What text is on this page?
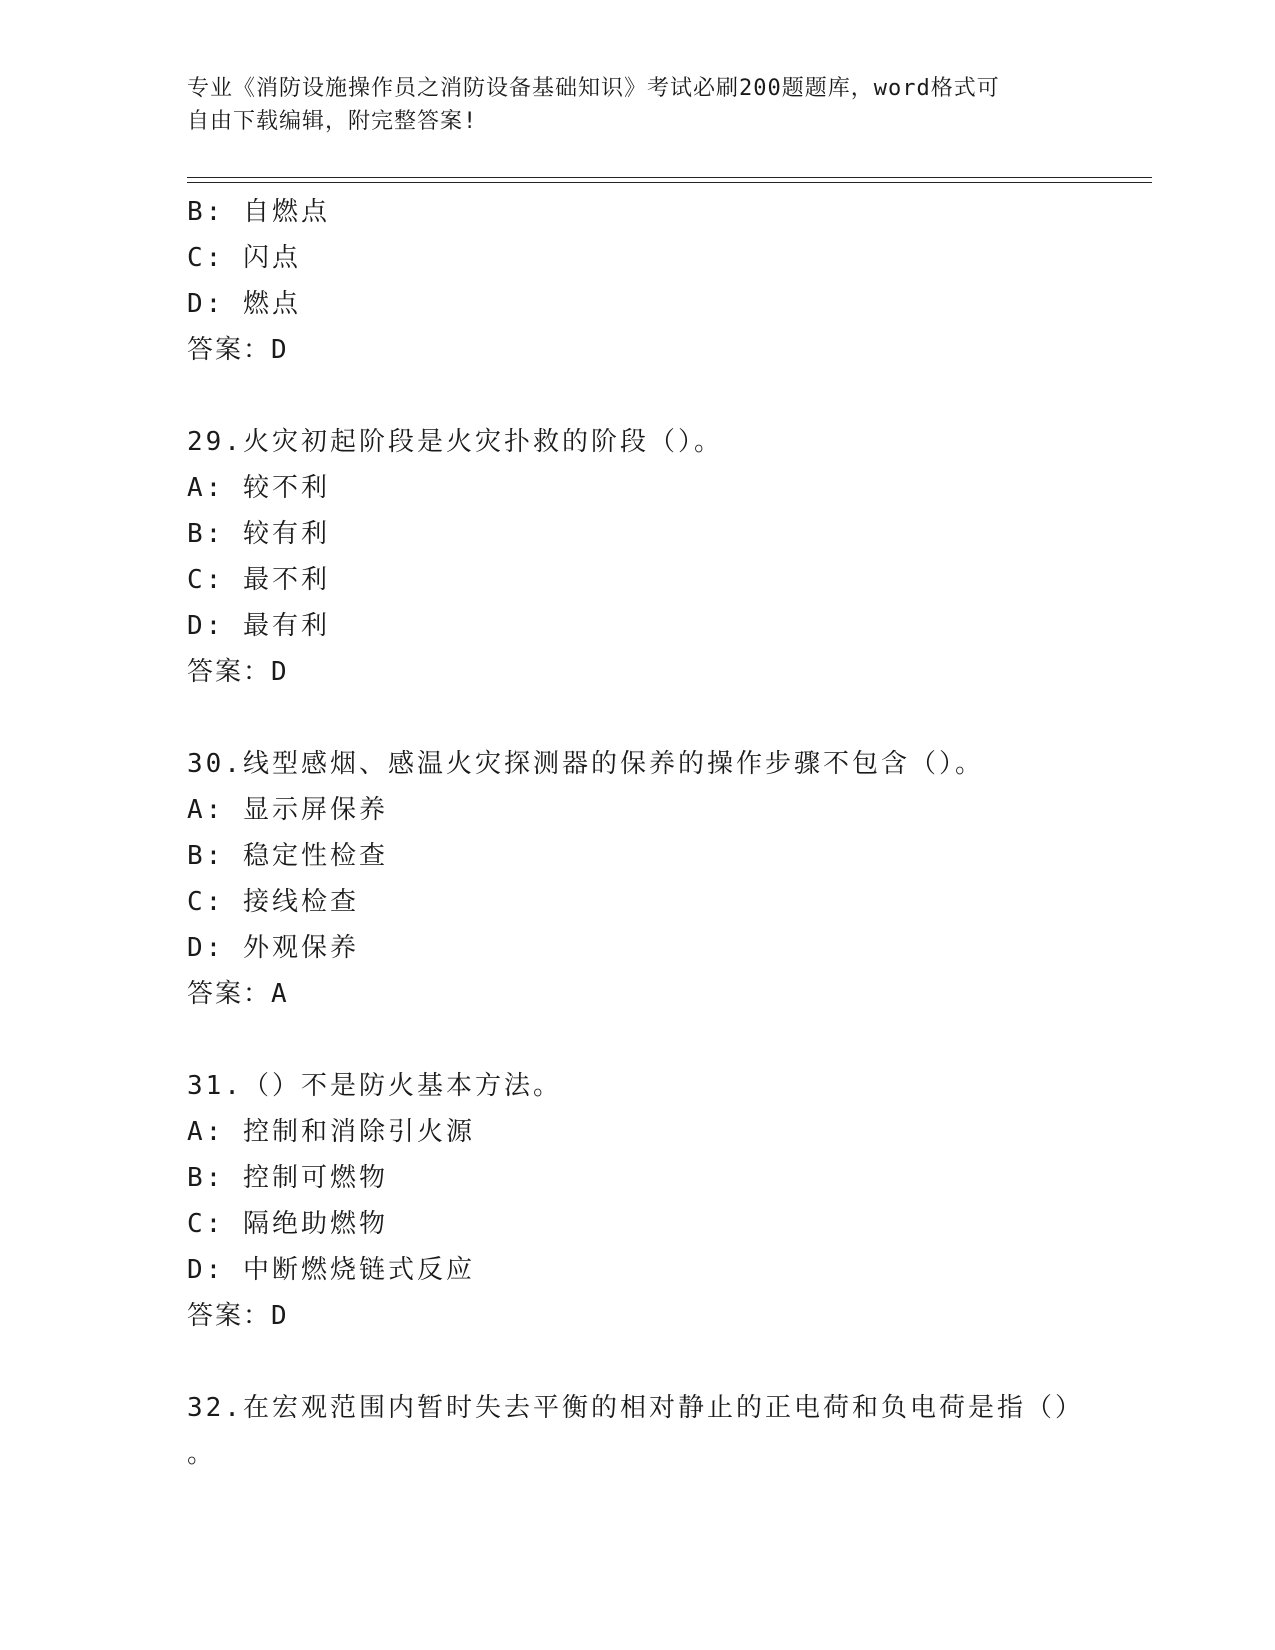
专业《消防设施操作员之消防设备基础知识》考试必刷200题题库，word格式可
自由下载编辑，附完整答案!
B: 自燃点
C: 闪点
D: 燃点
答案：D
29.火灾初起阶段是火灾扑救的阶段（）。
A: 较不利
B: 较有利
C: 最不利
D: 最有利
答案：D
30.线型感烟、感温火灾探测器的保养的操作步骤不包含（）。
A: 显示屏保养
B: 稳定性检查
C: 接线检查
D: 外观保养
答案：A
31.（）不是防火基本方法。
A: 控制和消除引火源
B: 控制可燃物
C: 隔绝助燃物
D: 中断燃烧链式反应
答案：D
32.在宏观范围内暂时失去平衡的相对静止的正电荷和负电荷是指（）
。
